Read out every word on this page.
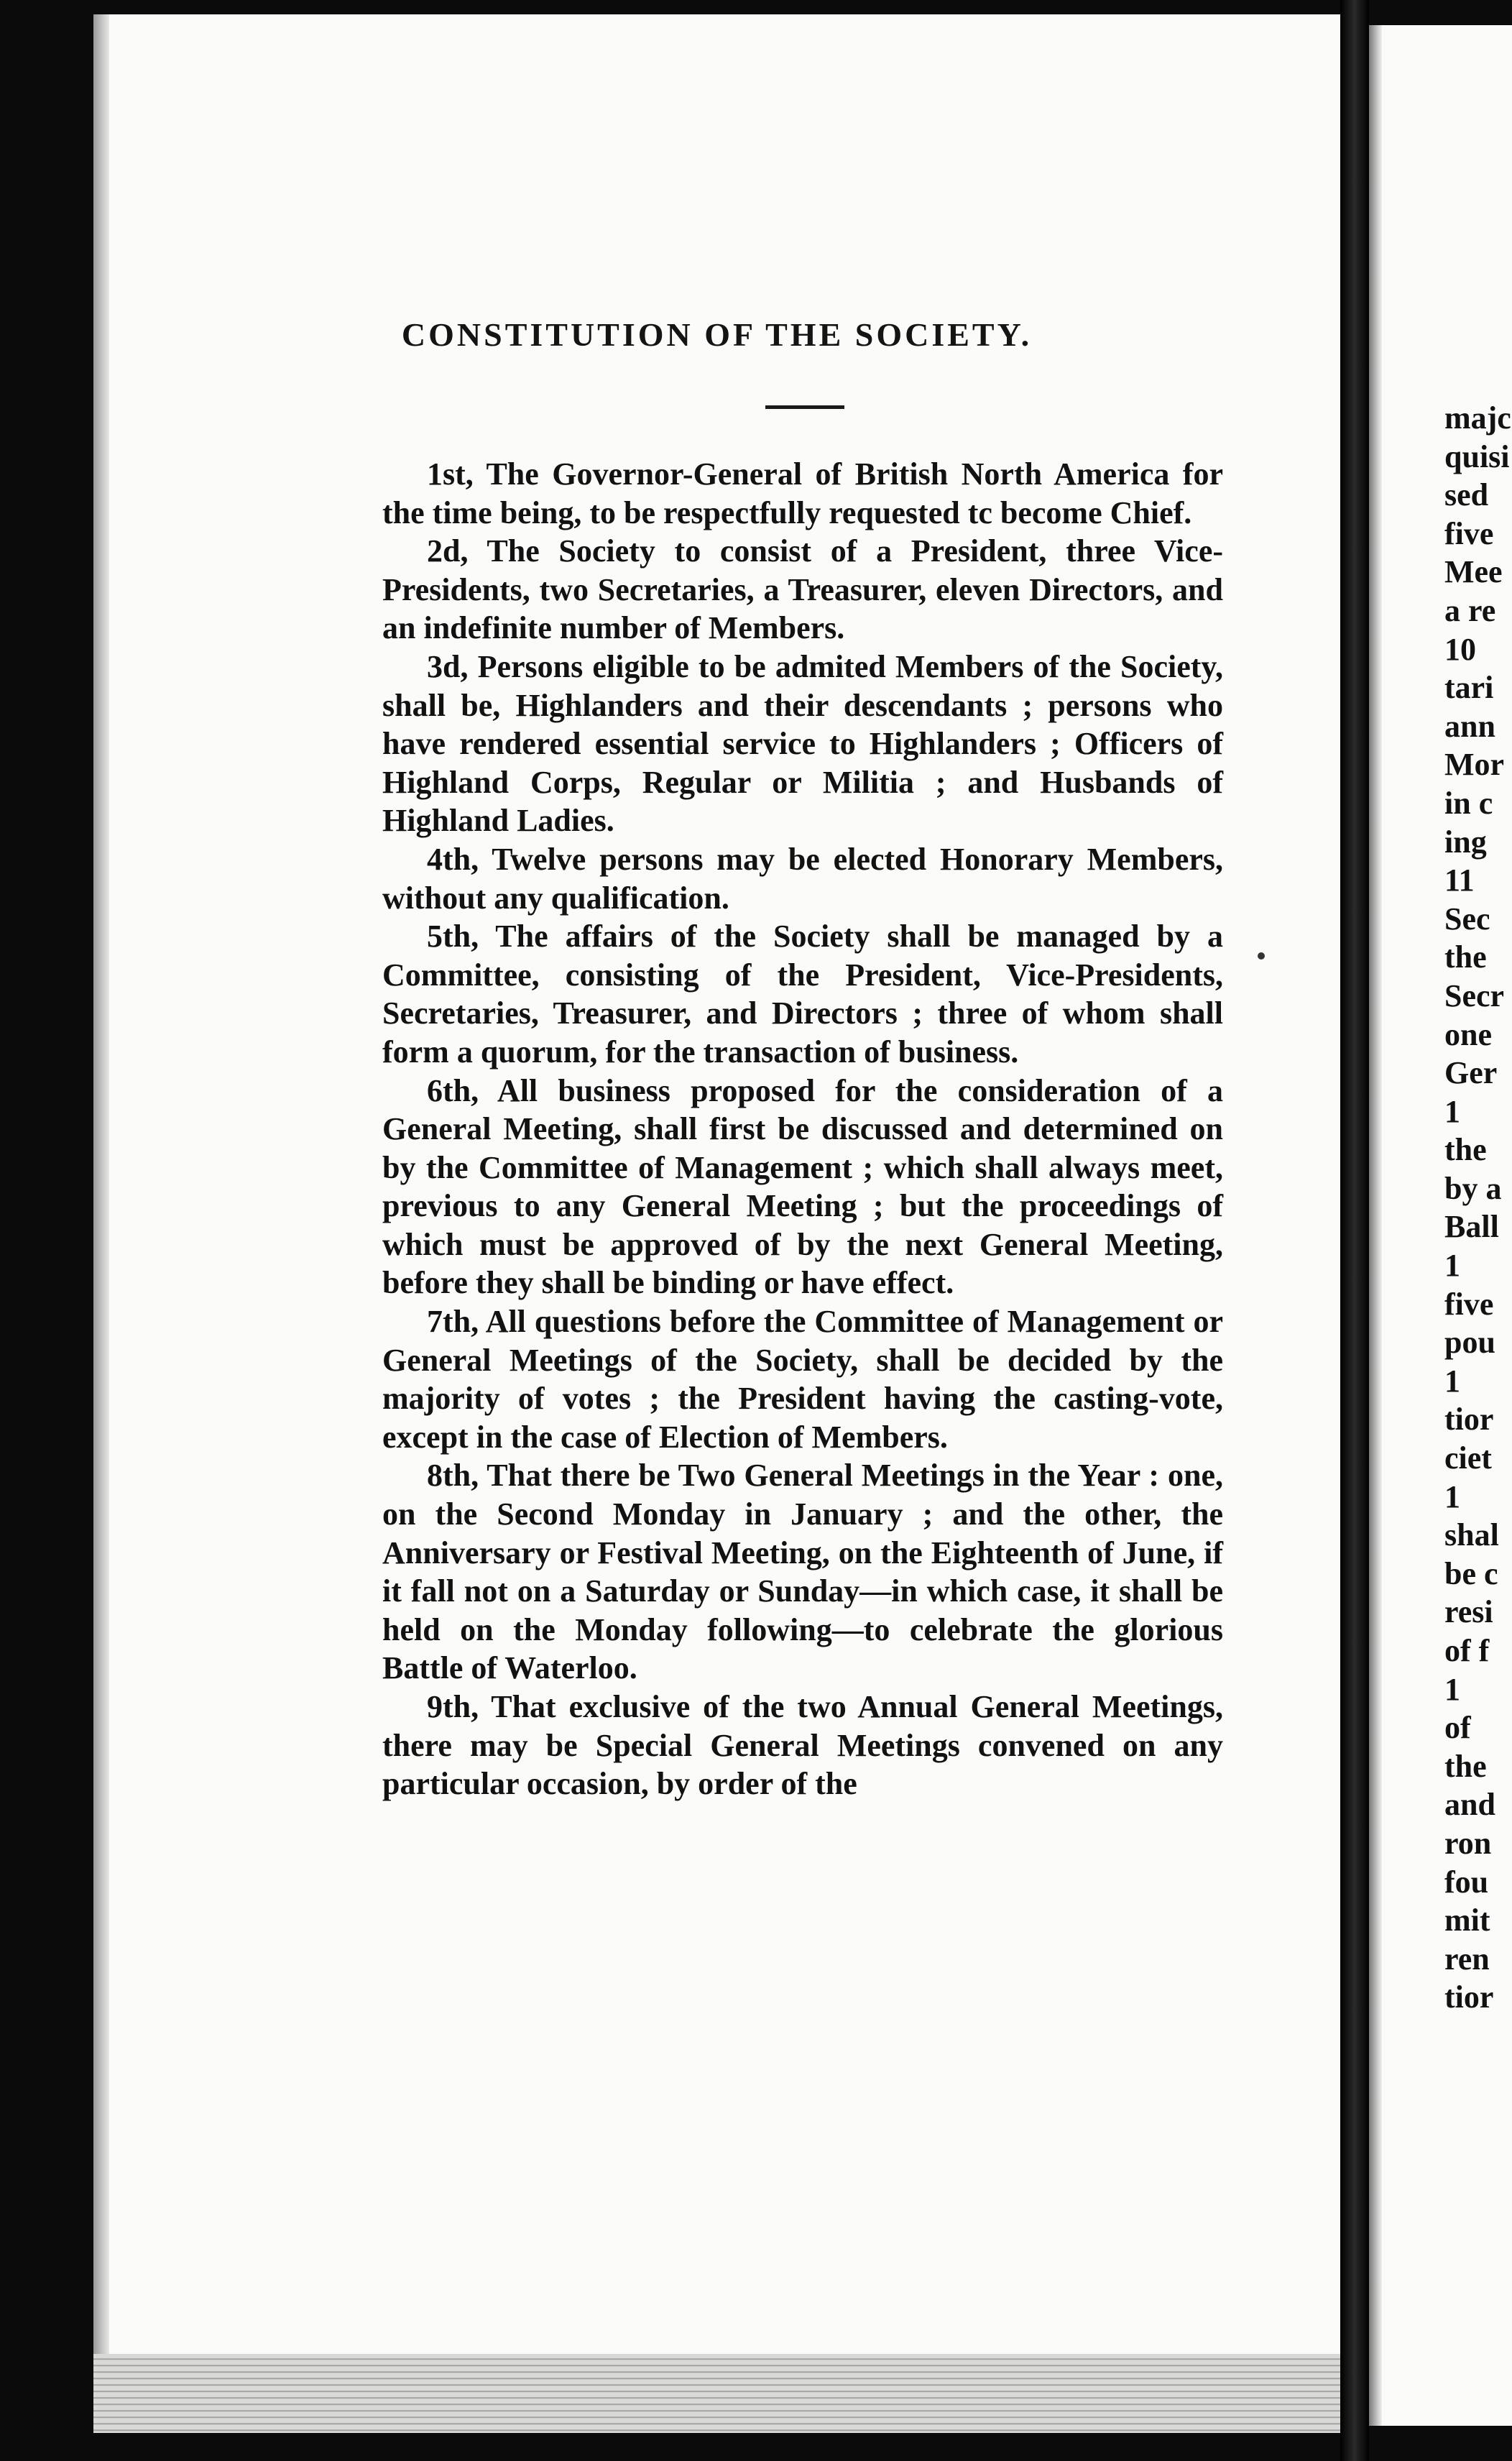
CONSTITUTION OF THE SOCIETY.

1st, The Governor-General of British North America for the time being, to be respectfully requested tc become Chief.

2d, The Society to consist of a President, three Vice-Presidents, two Secretaries, a Treasurer, eleven Directors, and an indefinite number of Members.

3d, Persons eligible to be admited Members of the Society, shall be, Highlanders and their descendants ; persons who have rendered essential service to Highlanders ; Officers of Highland Corps, Regular or Militia ; and Husbands of Highland Ladies.

4th, Twelve persons may be elected Honorary Members, without any qualification.

5th, The affairs of the Society shall be managed by a Committee, consisting of the President, Vice-Presidents, Secretaries, Treasurer, and Directors ; three of whom shall form a quorum, for the transaction of business.

6th, All business proposed for the consideration of a General Meeting, shall first be discussed and determined on by the Committee of Management ; which shall always meet, previous to any General Meeting ; but the proceedings of which must be approved of by the next General Meeting, before they shall be binding or have effect.

7th, All questions before the Committee of Management or General Meetings of the Society, shall be decided by the majority of votes ; the President having the casting-vote, except in the case of Election of Members.

8th, That there be Two General Meetings in the Year : one, on the Second Monday in January ; and the other, the Anniversary or Festival Meeting, on the Eighteenth of June, if it fall not on a Saturday or Sunday—in which case, it shall be held on the Monday following—to celebrate the glorious Battle of Waterloo.

9th, That exclusive of the two Annual General Meetings, there may be Special General Meetings convened on any particular occasion, by order of the

majc
quisi
sed
five
Mee
a re
10
tari
ann
Mor
in c
ing
11
Sec
the
Secr
one
Ger
1
the
by a
Ball
1
five
pou
1
tior
ciet
1
shal
be c
resi
of f
1
of
the
and
ron
fou
mit
ren
tior
